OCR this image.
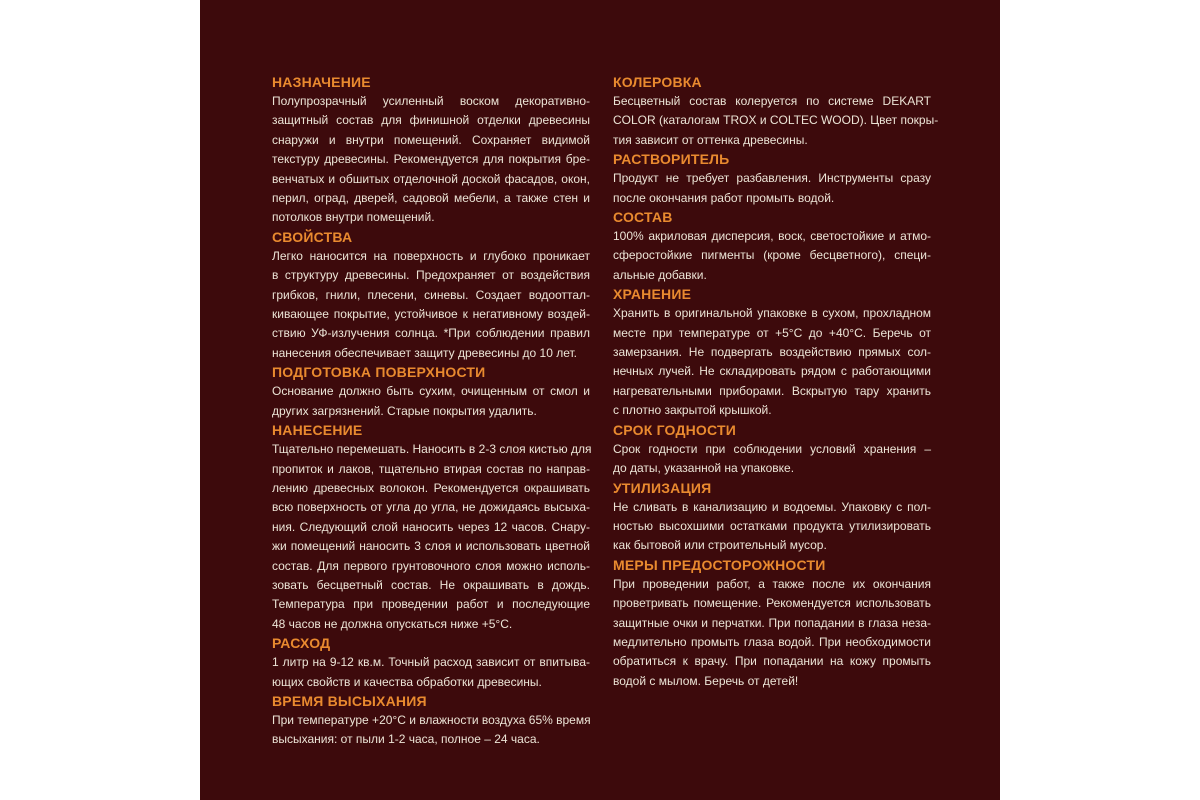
НАЗНАЧЕНИЕ
Полупрозрачный усиленный воском декоративно-
защитный состав для финишной отделки древесины
снаружи и внутри помещений. Сохраняет видимой
текстуру древесины. Рекомендуется для покрытия бре-
венчатых и обшитых отделочной доской фасадов, окон,
перил, оград, дверей, садовой мебели, а также стен и
потолков внутри помещений.
СВОЙСТВА
Легко наносится на поверхность и глубоко проникает
в структуру древесины. Предохраняет от воздействия
грибков, гнили, плесени, синевы. Создает водооттал-
кивающее покрытие, устойчивое к негативному воздей-
ствию УФ-излучения солнца. *При соблюдении правил
нанесения обеспечивает защиту древесины до 10 лет.
ПОДГОТОВКА ПОВЕРХНОСТИ
Основание должно быть сухим, очищенным от смол и
других загрязнений. Старые покрытия удалить.
НАНЕСЕНИЕ
Тщательно перемешать. Наносить в 2-3 слоя кистью для
пропиток и лаков, тщательно втирая состав по направ-
лению древесных волокон. Рекомендуется окрашивать
всю поверхность от угла до угла, не дожидаясь высыха-
ния. Следующий слой наносить через 12 часов. Снару-
жи помещений наносить 3 слоя и использовать цветной
состав. Для первого грунтовочного слоя можно исполь-
зовать бесцветный состав. Не окрашивать в дождь.
Температура при проведении работ и последующие
48 часов не должна опускаться ниже +5°С.
РАСХОД
1 литр на 9-12 кв.м. Точный расход зависит от впитыва-
ющих свойств и качества обработки древесины.
ВРЕМЯ ВЫСЫХАНИЯ
При температуре +20°С и влажности воздуха 65% время
высыхания: от пыли 1-2 часа, полное – 24 часа.
КОЛЕРОВКА
Бесцветный состав колеруется по системе DEKART
COLOR (каталогам TROX и COLTEC WOOD). Цвет покры-
тия зависит от оттенка древесины.
РАСТВОРИТЕЛЬ
Продукт не требует разбавления. Инструменты сразу
после окончания работ промыть водой.
СОСТАВ
100% акриловая дисперсия, воск, светостойкие и атмо-
сферостойкие пигменты (кроме бесцветного), специ-
альные добавки.
ХРАНЕНИЕ
Хранить в оригинальной упаковке в сухом, прохладном
месте при температуре от +5°С до +40°С. Беречь от
замерзания. Не подвергать воздействию прямых сол-
нечных лучей. Не складировать рядом с работающими
нагревательными приборами. Вскрытую тару хранить
с плотно закрытой крышкой.
СРОК ГОДНОСТИ
Срок годности при соблюдении условий хранения –
до даты, указанной на упаковке.
УТИЛИЗАЦИЯ
Не сливать в канализацию и водоемы. Упаковку с пол-
ностью высохшими остатками продукта утилизировать
как бытовой или строительный мусор.
МЕРЫ ПРЕДОСТОРОЖНОСТИ
При проведении работ, а также после их окончания
проветривать помещение. Рекомендуется использовать
защитные очки и перчатки. При попадании в глаза неза-
медлительно промыть глаза водой. При необходимости
обратиться к врачу. При попадании на кожу промыть
водой с мылом. Беречь от детей!
